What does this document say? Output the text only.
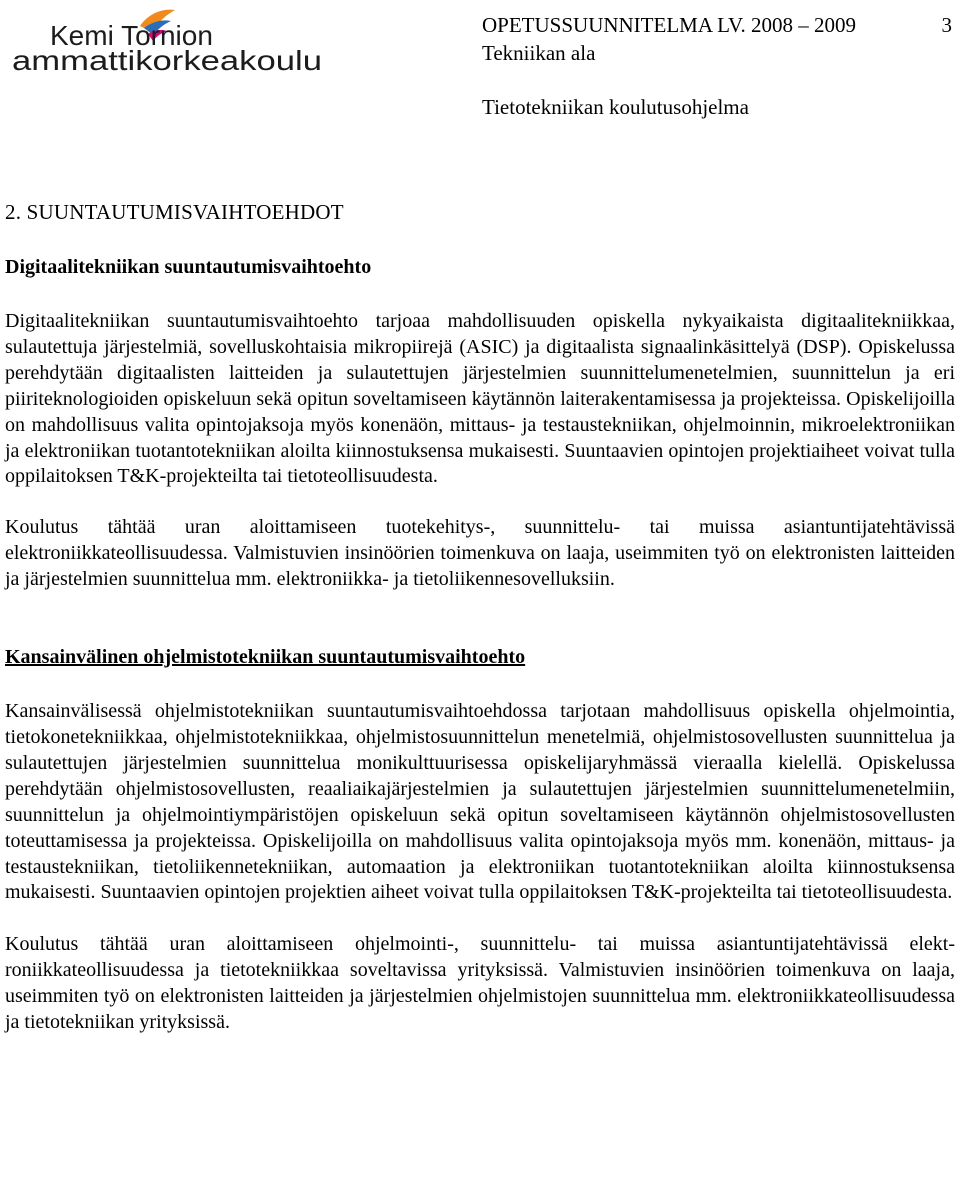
Kemi Tornion
ammattikorkeakoulu
OPETUSSUUNNITELMA LV. 2008 – 2009	3
Tekniikan ala
Tietotekniikan koulutusohjelma
2. SUUNTAUTUMISVAIHTOEHDOT
Digitaalitekniikan suuntautumisvaihtoehto

Digitaalitekniikan suuntautumisvaihtoehto tarjoaa mahdollisuuden opiskella nykyaikaista digitaalitekniikkaa, sulautettuja järjestelmiä, sovelluskohtaisia mikropiirejä (ASIC) ja digitaalista signaalinkäsittelyä (DSP). Opiskelussa perehdytään digitaalisten laitteiden ja sulautettujen järjestelmien suunnittelumenetelmien, suunnittelun ja eri piiriteknologioiden opiskeluun sekä opitun soveltamiseen käytännön laiterakentamisessa ja projekteissa. Opiskelijoilla on mahdollisuus valita opintojaksoja myös konenäön, mittaus- ja testaustekniikan, ohjelmoinnin, mikroelektroniikan ja elektroniikan tuotantotekniikan aloilta kiinnostuksensa mukaisesti. Suuntaavien opintojen projektiaiheet voivat tulla oppilaitoksen T&K-projekteilta tai tietoteollisuudesta.

Koulutus tähtää uran aloittamiseen tuotekehitys-, suunnittelu- tai muissa asiantuntijatehtävissä elektroniikkateollisuudessa. Valmistuvien insinöörien toimenkuva on laaja, useimmiten työ on elektronisten laitteiden ja järjestelmien suunnittelua mm. elektroniikka- ja tietoliikennesovelluksiin.

Kansainvälinen ohjelmistotekniikan suuntautumisvaihtoehto

Kansainvälisessä ohjelmistotekniikan suuntautumisvaihtoehdossa tarjotaan mahdollisuus opiskella ohjelmointia, tietokonetekniikkaa, ohjelmistotekniikkaa, ohjelmistosuunnittelun menetelmiä, ohjelmistosovellusten suunnittelua ja sulautettujen järjestelmien suunnittelua monikulttuurisessa opiskelijaryhmässä vieraalla kielellä. Opiskelussa perehdytään ohjelmistosovellusten, reaaliaikajärjestelmien ja sulautettujen järjestelmien suunnittelumenetelmiin, suunnittelun ja ohjelmointiympäristöjen opiskeluun sekä opitun soveltamiseen käytännön ohjelmistosovellusten toteuttamisessa ja projekteissa. Opiskelijoilla on mahdollisuus valita opintojaksoja myös mm. konenäön, mittaus- ja testaustekniikan, tietoliikennetekniikan, automaation ja elektroniikan tuotantotekniikan aloilta kiinnostuksensa mukaisesti. Suuntaavien opintojen projektien aiheet voivat tulla oppilaitoksen T&K-projekteilta tai tietoteollisuudesta.

Koulutus tähtää uran aloittamiseen ohjelmointi-, suunnittelu- tai muissa asiantuntijatehtävissä elektroniikkateollisuudessa ja tietotekniikkaa soveltavissa yrityksissä. Valmistuvien insinöörien toimenkuva on laaja, useimmiten työ on elektronisten laitteiden ja järjestelmien ohjelmistojen suunnittelua mm. elektroniikkateollisuudessa ja tietotekniikan yrityksissä.
